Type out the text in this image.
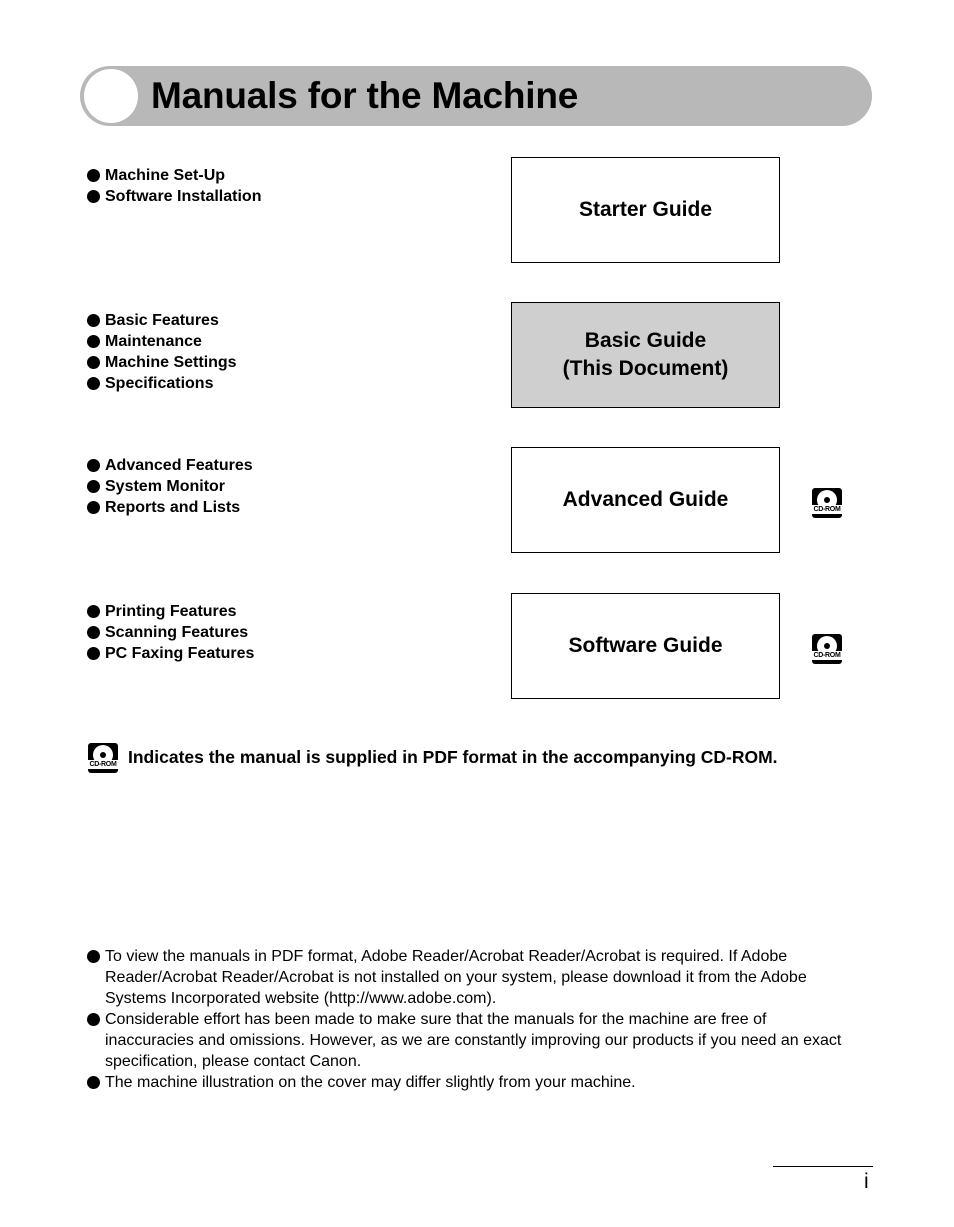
Manuals for the Machine
Machine Set-Up
Software Installation
Starter Guide
Basic Features
Maintenance
Machine Settings
Specifications
Basic Guide
(This Document)
Advanced Features
System Monitor
Reports and Lists	Advanced Guide	CD-ROM
Printing Features
Scanning Features
PC Faxing Features	Software Guide	CD-ROM
CD-ROM Indicates the manual is supplied in PDF format in the accompanying CD-ROM.
To view the manuals in PDF format, Adobe Reader/Acrobat Reader/Acrobat is required. If Adobe Reader/Acrobat Reader/Acrobat is not installed on your system, please download it from the Adobe Systems Incorporated website (http://www.adobe.com).
Considerable effort has been made to make sure that the manuals for the machine are free of inaccuracies and omissions. However, as we are constantly improving our products if you need an exact specification, please contact Canon.
The machine illustration on the cover may differ slightly from your machine.
i
